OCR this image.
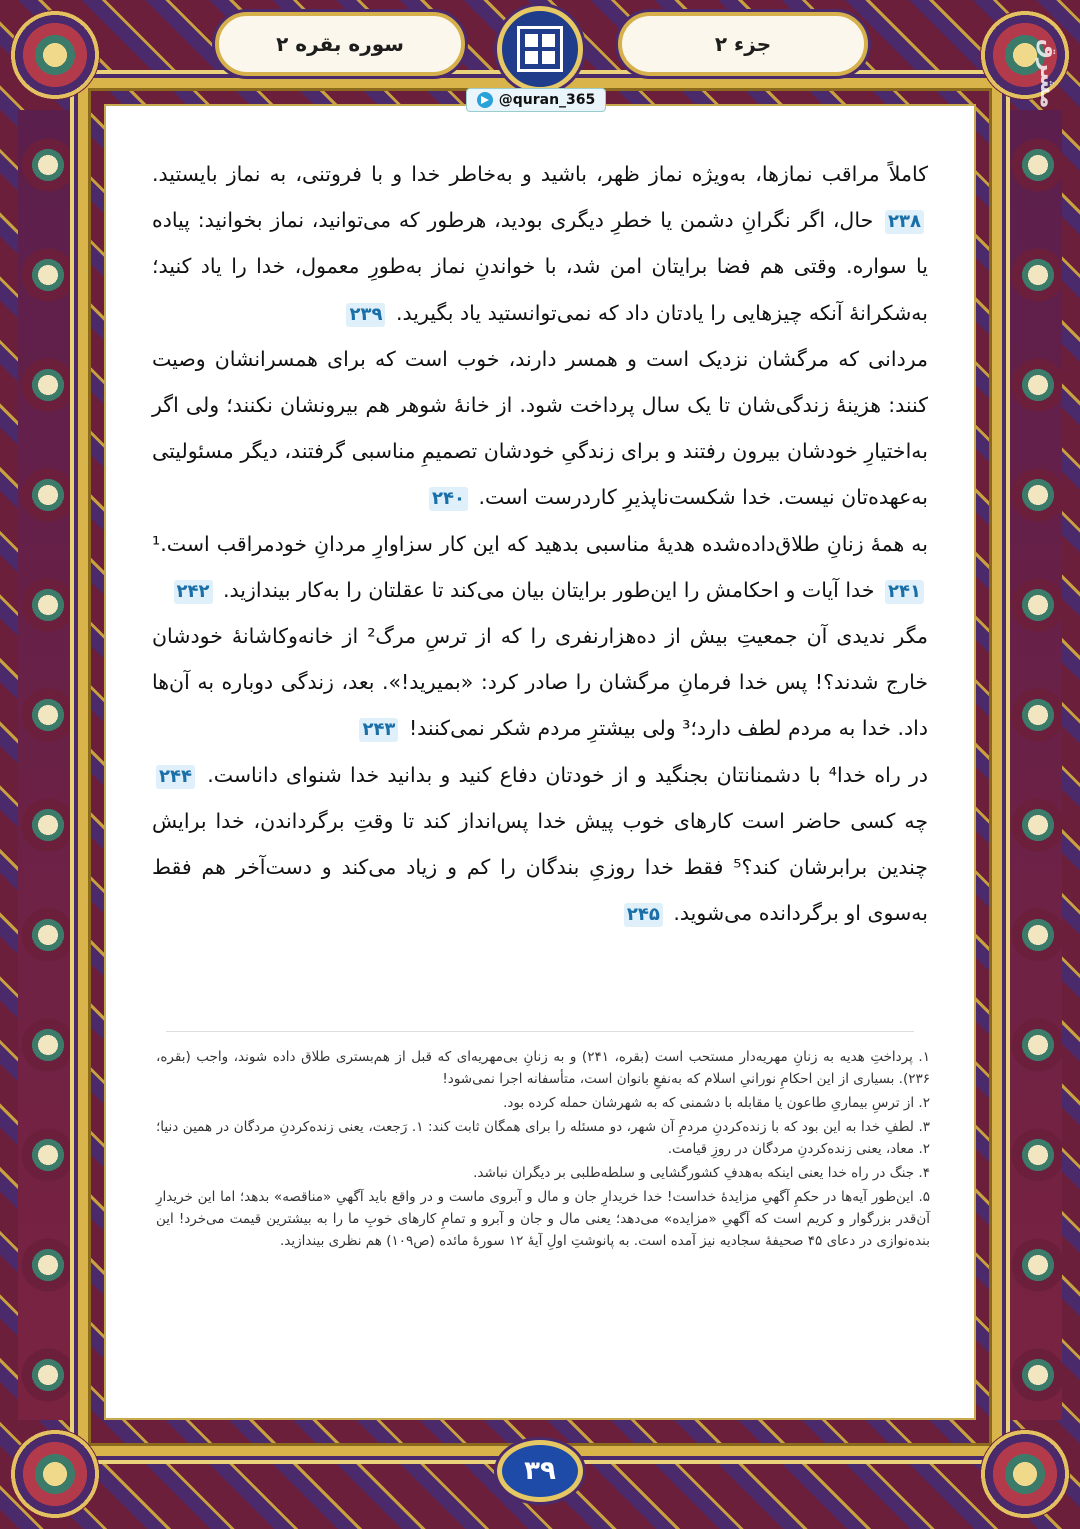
جزء ۲
سوره بقره ۲	مشرق

کاملاً مراقب نمازها، به‌ویژه نماز ظهر، باشید و به‌خاطر خدا و با فروتنی، به نماز بایستید. ۲۳۸ حال، اگر نگرانِ دشمن یا خطرِ دیگری بودید، هرطور که می‌توانید، نماز بخوانید: پیاده یا سواره. وقتی هم فضا برایتان امن شد، با خواندنِ نماز به‌طورِ معمول، خدا را یاد کنید؛ به‌شکرانهٔ آنکه چیزهایی را یادتان داد که نمی‌توانستید یاد بگیرید. ۲۳۹

مردانی که مرگشان نزدیک است و همسر دارند، خوب است که برای همسرانشان وصیت کنند: هزینهٔ زندگی‌شان تا یک سال پرداخت شود. از خانهٔ شوهر هم بیرونشان نکنند؛ ولی اگر به‌اختیارِ خودشان بیرون رفتند و برای زندگیِ خودشان تصمیمِ مناسبی گرفتند، دیگر مسئولیتی به‌عهده‌تان نیست. خدا شکست‌ناپذیرِ کاردرست است. ۲۴۰

به همهٔ زنانِ طلاق‌داده‌شده هدیهٔ مناسبی بدهید که این کار سزاوارِ مردانِ خودمراقب است.¹ ۲۴۱ خدا آیات و احکامش را این‌طور برایتان بیان می‌کند تا عقلتان را به‌کار بیندازید. ۲۴۲

مگر ندیدی آن جمعیتِ بیش از ده‌هزارنفری را که از ترسِ مرگ² از خانه‌وکاشانهٔ خودشان خارج شدند؟! پس خدا فرمانِ مرگشان را صادر کرد: «بمیرید!». بعد، زندگی دوباره به آن‌ها داد. خدا به مردم لطف دارد؛³ ولی بیشترِ مردم شکر نمی‌کنند! ۲۴۳

در راه خدا⁴ با دشمنانتان بجنگید و از خودتان دفاع کنید و بدانید خدا شنوای داناست. ۲۴۴ چه کسی حاضر است کارهای خوب پیش خدا پس‌انداز کند تا وقتِ برگرداندن، خدا برایش چندین برابرشان کند؟⁵ فقط خدا روزیِ بندگان را کم و زیاد می‌کند و دست‌آخر هم فقط به‌سوی او برگردانده می‌شوید. ۲۴۵

۱. پرداختِ هدیه به زنانِ مهریه‌دار مستحب است (بقره، ۲۴۱) و به زنانِ بی‌مهریه‌ای که قبل از هم‌بستری طلاق داده شوند، واجب (بقره، ۲۳۶). بسیاری از این احکامِ نورانیِ اسلام که به‌نفعِ بانوان است، متأسفانه اجرا نمی‌شود!
۲. از ترسِ بیماریِ طاعون یا مقابله با دشمنی که به شهرشان حمله کرده بود.
۳. لطفِ خدا به این بود که با زنده‌کردنِ مردمِ آن شهر، دو مسئله را برای همگان ثابت کند: ۱. رَجعت، یعنی زنده‌کردنِ مردگان در همین دنیا؛ ۲. معاد، یعنی زنده‌کردنِ مردگان در روزِ قیامت.
۴. جنگ در راه خدا یعنی اینکه به‌هدفِ کشورگشایی و سلطه‌طلبی بر دیگران نباشد.
۵. این‌طور آیه‌ها در حکمِ آگهیِ مزایدهٔ خداست! خدا خریدارِ جان و مال و آبروی ماست و در واقع باید آگهیِ «مناقصه» بدهد؛ اما این خریدارِ آن‌قدر بزرگوار و کریم است که آگهیِ «مزایده» می‌دهد؛ یعنی مال و جان و آبرو و تمامِ کارهای خوبِ ما را به بیشترین قیمت می‌خرد! این بنده‌نوازی در دعای ۴۵ صحیفهٔ سجادیه نیز آمده است. به پانوشتِ اولِ آیهٔ ۱۲ سورهٔ مائده (ص۱۰۹) هم نظری بیندازید.
@quran_365
۳۹
